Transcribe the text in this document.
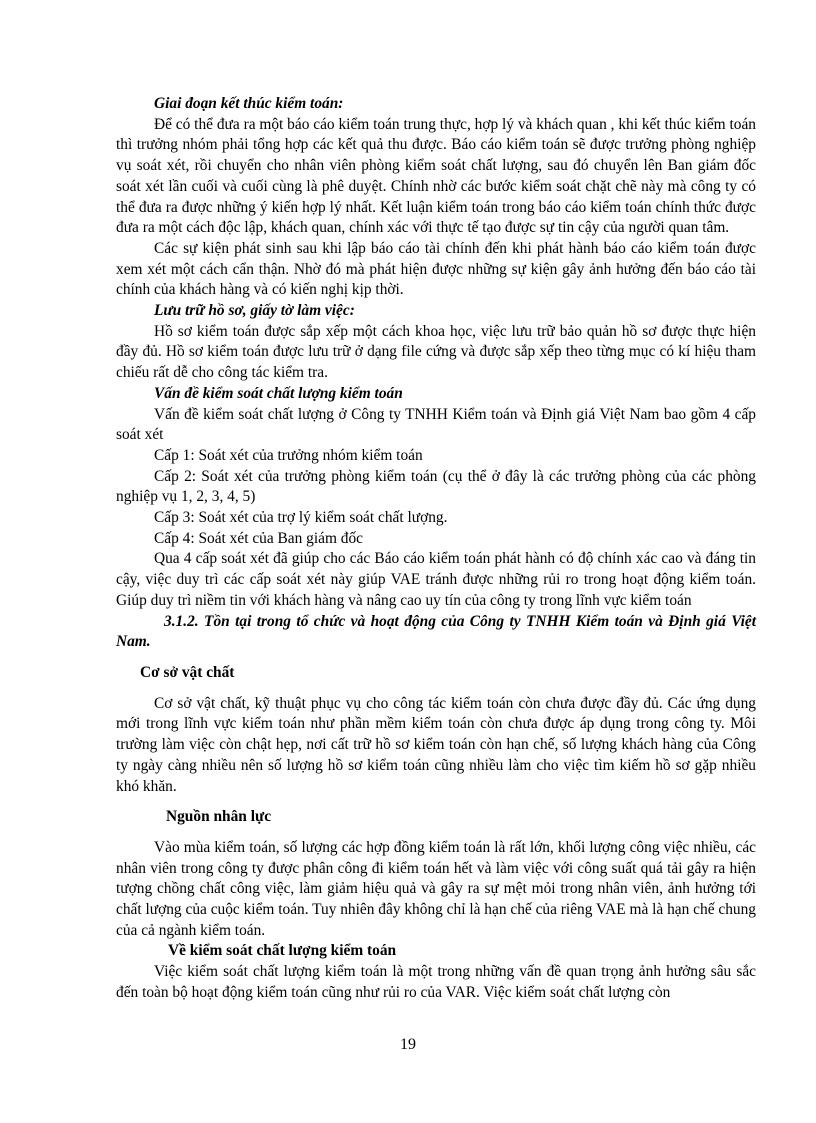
Giai đoạn kết thúc kiểm toán:

Để có thể đưa ra một báo cáo kiểm toán trung thực, hợp lý và khách quan , khi kết thúc kiểm toán thì trưởng nhóm phải tổng hợp các kết quả thu được. Báo cáo kiểm toán sẽ được trưởng phòng nghiệp vụ soát xét, rồi chuyển cho nhân viên phòng kiểm soát chất lượng, sau đó chuyển lên Ban giám đốc soát xét lần cuối và cuối cùng là phê duyệt. Chính nhờ các bước kiểm soát chặt chẽ này mà công ty có thể đưa ra được những ý kiến hợp lý nhất. Kết luận kiểm toán trong báo cáo kiểm toán chính thức được đưa ra một cách độc lập, khách quan, chính xác với thực tế tạo được sự tin cậy của người quan tâm.

Các sự kiện phát sinh sau khi lập báo cáo tài chính đến khi phát hành báo cáo kiểm toán được xem xét một cách cẩn thận. Nhờ đó mà phát hiện được những sự kiện gây ảnh hưởng đến báo cáo tài chính của khách hàng và có kiến nghị kịp thời.

Lưu trữ hồ sơ, giấy tờ làm việc:

Hồ sơ kiểm toán được sắp xếp một cách khoa học, việc lưu trữ bảo quản hồ sơ được thực hiện đầy đủ. Hồ sơ kiểm toán được lưu trữ ở dạng file cứng và được sắp xếp theo từng mục có kí hiệu tham chiếu rất dễ cho công tác kiểm tra.

Vấn đề kiểm soát chất lượng kiểm toán

Vấn đề kiểm soát chất lượng ở Công ty TNHH Kiểm toán và Định giá Việt Nam bao gồm 4 cấp soát xét

Cấp 1: Soát xét của trưởng nhóm kiểm toán

Cấp 2: Soát xét của trưởng phòng kiểm toán (cụ thể ở đây là các trưởng phòng của các phòng nghiệp vụ 1, 2, 3, 4, 5)

Cấp 3: Soát xét của trợ lý kiểm soát chất lượng.

Cấp 4: Soát xét của Ban giám đốc

Qua 4 cấp soát xét đã giúp cho các Báo cáo kiểm toán phát hành có độ chính xác cao và đáng tin cậy, việc duy trì các cấp soát xét này giúp VAE tránh được những rủi ro trong hoạt động kiểm toán. Giúp duy trì niềm tin với khách hàng và nâng cao uy tín của công ty trong lĩnh vực kiểm toán

3.1.2. Tồn tại trong tổ chức và hoạt động của Công ty TNHH Kiểm toán và Định giá Việt Nam.

Cơ sở vật chất

Cơ sở vật chất, kỹ thuật phục vụ cho công tác kiểm toán còn chưa được đầy đủ. Các ứng dụng mới trong lĩnh vực kiểm toán như phần mềm kiểm toán còn chưa được áp dụng trong công ty. Môi trường làm việc còn chật hẹp, nơi cất trữ hồ sơ kiểm toán còn hạn chế, số lượng khách hàng của Công ty ngày càng nhiều nên số lượng hồ sơ kiểm toán cũng nhiều làm cho việc tìm kiếm hồ sơ gặp nhiều khó khăn.

Nguồn nhân lực

Vào mùa kiểm toán, số lượng các hợp đồng kiểm toán là rất lớn, khối lượng công việc nhiều, các nhân viên trong công ty được phân công đi kiểm toán hết và làm việc với công suất quá tải gây ra hiện tượng chồng chất công việc, làm giảm hiệu quả và gây ra sự mệt mỏi trong nhân viên, ảnh hưởng tới chất lượng của cuộc kiểm toán. Tuy nhiên đây không chỉ là hạn chế của riêng VAE mà là hạn chế chung của cả ngành kiểm toán.

Về kiểm soát chất lượng kiểm toán

Việc kiểm soát chất lượng kiểm toán là một trong những vấn đề quan trọng ảnh hưởng sâu sắc đến toàn bộ hoạt động kiểm toán cũng như rủi ro của VAR. Việc kiểm soát chất lượng còn

19
